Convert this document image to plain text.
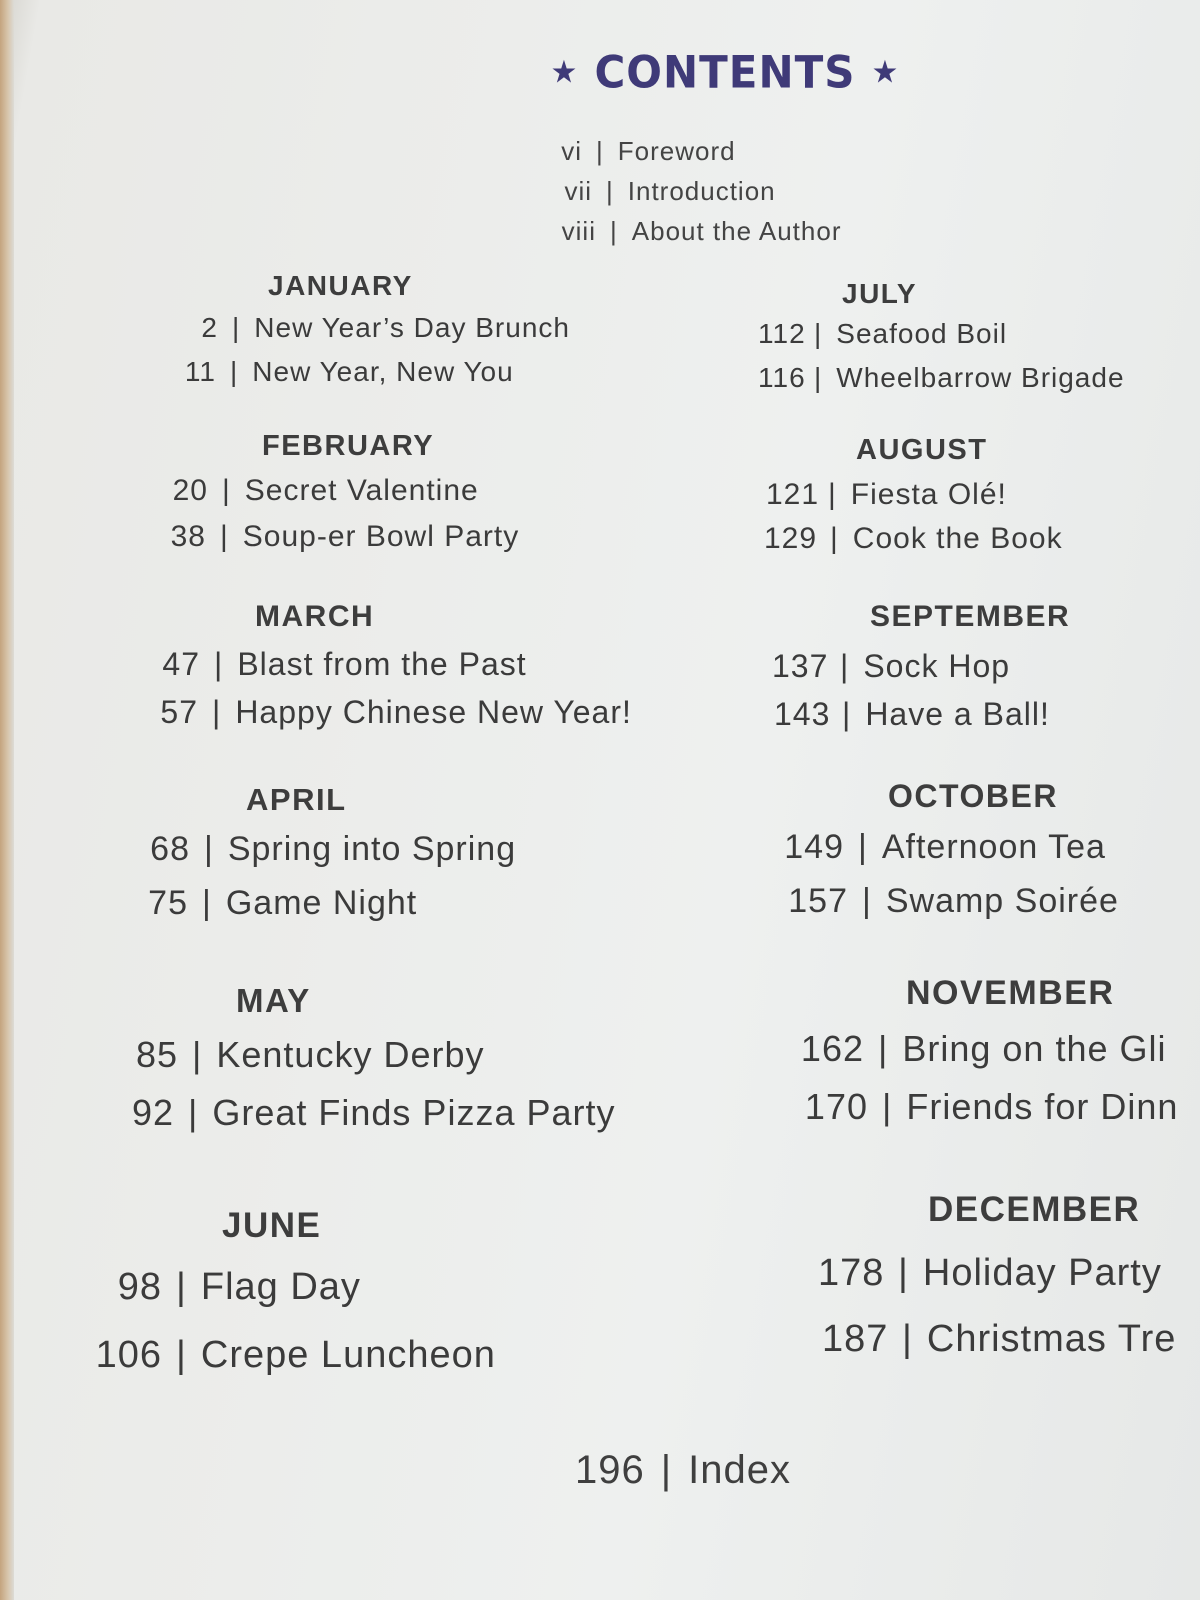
★ CONTENTS ★
vi | Foreword
vii | Introduction
viii | About the Author
JANUARY
2 | New Year’s Day Brunch
11 | New Year, New You
FEBRUARY
20 | Secret Valentine
38 | Soup-er Bowl Party
MARCH
47 | Blast from the Past
57 | Happy Chinese New Year!
APRIL
68 | Spring into Spring
75 | Game Night
MAY
85 | Kentucky Derby
92 | Great Finds Pizza Party
JUNE
98 | Flag Day
106 | Crepe Luncheon
JULY
112 | Seafood Boil
116 | Wheelbarrow Brigade
AUGUST
121 | Fiesta Olé!
129 | Cook the Book
SEPTEMBER
137 | Sock Hop
143 | Have a Ball!
OCTOBER
149 | Afternoon Tea
157 | Swamp Soirée
NOVEMBER
162 | Bring on the Gli
170 | Friends for Dinn
DECEMBER
178 | Holiday Party
187 | Christmas Tre
196 | Index
